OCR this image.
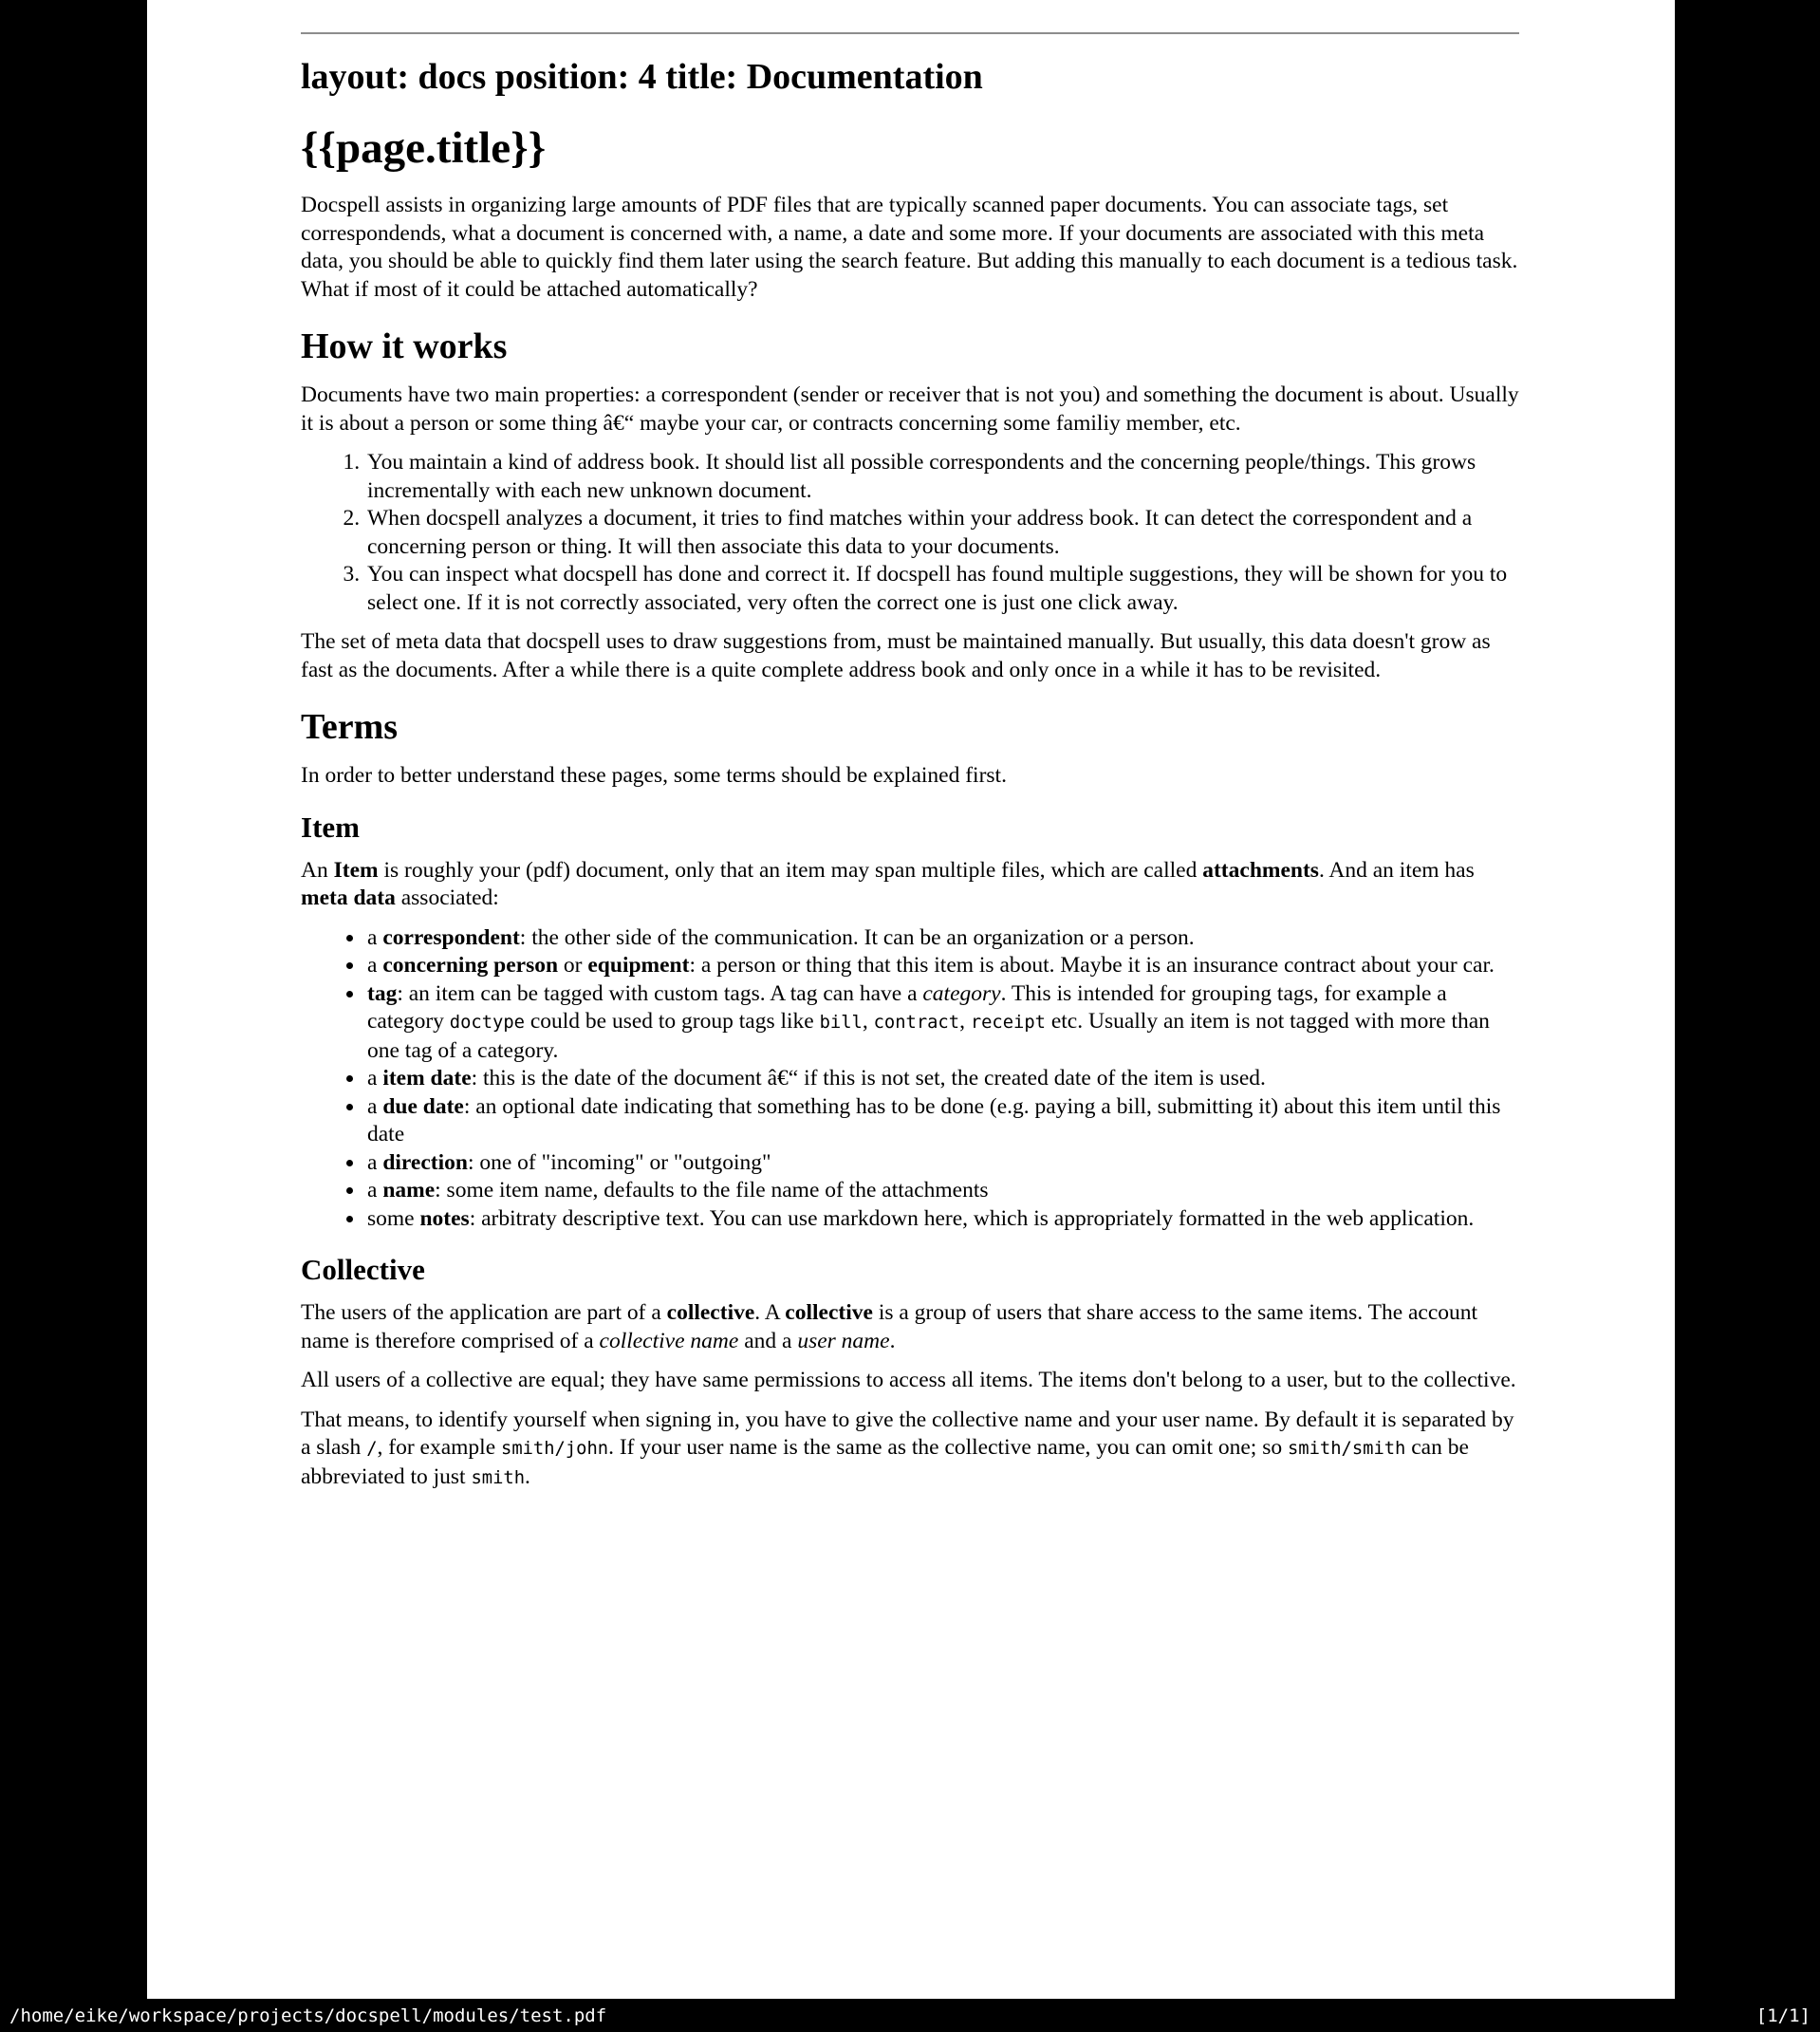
layout: docs position: 4 title: Documentation
{{page.title}}

Docspell assists in organizing large amounts of PDF files that are typically scanned paper documents. You can associate tags, set correspondends, what a document is concerned with, a name, a date and some more. If your documents are associated with this meta data, you should be able to quickly find them later using the search feature. But adding this manually to each document is a tedious task. What if most of it could be attached automatically?

How it works

Documents have two main properties: a correspondent (sender or receiver that is not you) and something the document is about. Usually it is about a person or some thing â€“ maybe your car, or contracts concerning some familiy member, etc.

1. You maintain a kind of address book. It should list all possible correspondents and the concerning people/things. This grows incrementally with each new unknown document.
2. When docspell analyzes a document, it tries to find matches within your address book. It can detect the correspondent and a concerning person or thing. It will then associate this data to your documents.
3. You can inspect what docspell has done and correct it. If docspell has found multiple suggestions, they will be shown for you to select one. If it is not correctly associated, very often the correct one is just one click away.

The set of meta data that docspell uses to draw suggestions from, must be maintained manually. But usually, this data doesn't grow as fast as the documents. After a while there is a quite complete address book and only once in a while it has to be revisited.

Terms

In order to better understand these pages, some terms should be explained first.

Item

An Item is roughly your (pdf) document, only that an item may span multiple files, which are called attachments. And an item has meta data associated:

• a correspondent: the other side of the communication. It can be an organization or a person.
• a concerning person or equipment: a person or thing that this item is about. Maybe it is an insurance contract about your car.
• tag: an item can be tagged with custom tags. A tag can have a category. This is intended for grouping tags, for example a category doctype could be used to group tags like bill, contract, receipt etc. Usually an item is not tagged with more than one tag of a category.
• a item date: this is the date of the document â€“ if this is not set, the created date of the item is used.
• a due date: an optional date indicating that something has to be done (e.g. paying a bill, submitting it) about this item until this date
• a direction: one of "incoming" or "outgoing"
• a name: some item name, defaults to the file name of the attachments
• some notes: arbitraty descriptive text. You can use markdown here, which is appropriately formatted in the web application.
Collective

The users of the application are part of a collective. A collective is a group of users that share access to the same items. The account name is therefore comprised of a collective name and a user name.

All users of a collective are equal; they have same permissions to access all items. The items don't belong to a user, but to the collective.

That means, to identify yourself when signing in, you have to give the collective name and your user name. By default it is separated by a slash /, for example smith/john. If your user name is the same as the collective name, you can omit one; so smith/smith can be abbreviated to just smith.

/home/eike/workspace/projects/docspell/modules/test.pdf	[1/1]
